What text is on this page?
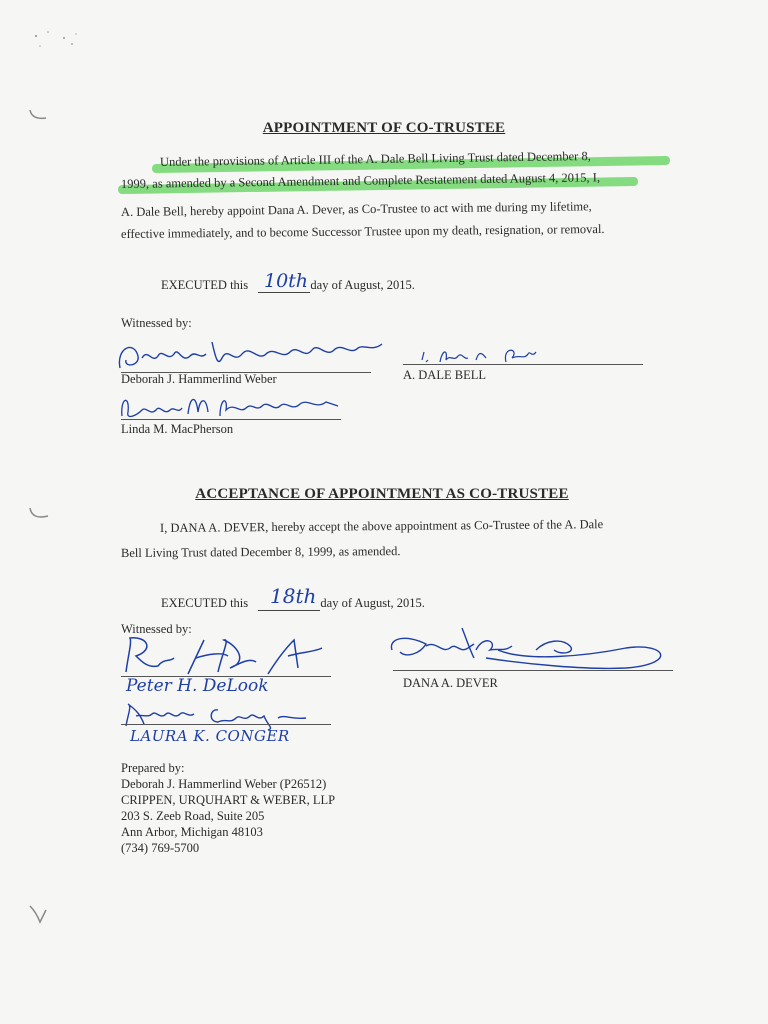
APPOINTMENT OF CO-TRUSTEE
Under the provisions of Article III of the A. Dale Bell Living Trust dated December 8,
1999, as amended by a Second Amendment and Complete Restatement dated August 4, 2015, I,
A. Dale Bell, hereby appoint Dana A. Dever, as Co-Trustee to act with me during my lifetime,
effective immediately, and to become Successor Trustee upon my death, resignation, or removal.
EXECUTED this	day of August, 2015.
10th
Witnessed by:
Deborah J. Hammerlind Weber	A. DALE BELL
Linda M. MacPherson
ACCEPTANCE OF APPOINTMENT AS CO-TRUSTEE
I, DANA A. DEVER, hereby accept the above appointment as Co-Trustee of the A. Dale
Bell Living Trust dated December 8, 1999, as amended.
EXECUTED this	day of August, 2015.
18th
Witnessed by:
Peter H. DeLook
LAURA K. CONGER
DANA A. DEVER
Prepared by:
Deborah J. Hammerlind Weber (P26512)
CRIPPEN, URQUHART & WEBER, LLP
203 S. Zeeb Road, Suite 205
Ann Arbor, Michigan 48103
(734) 769-5700
